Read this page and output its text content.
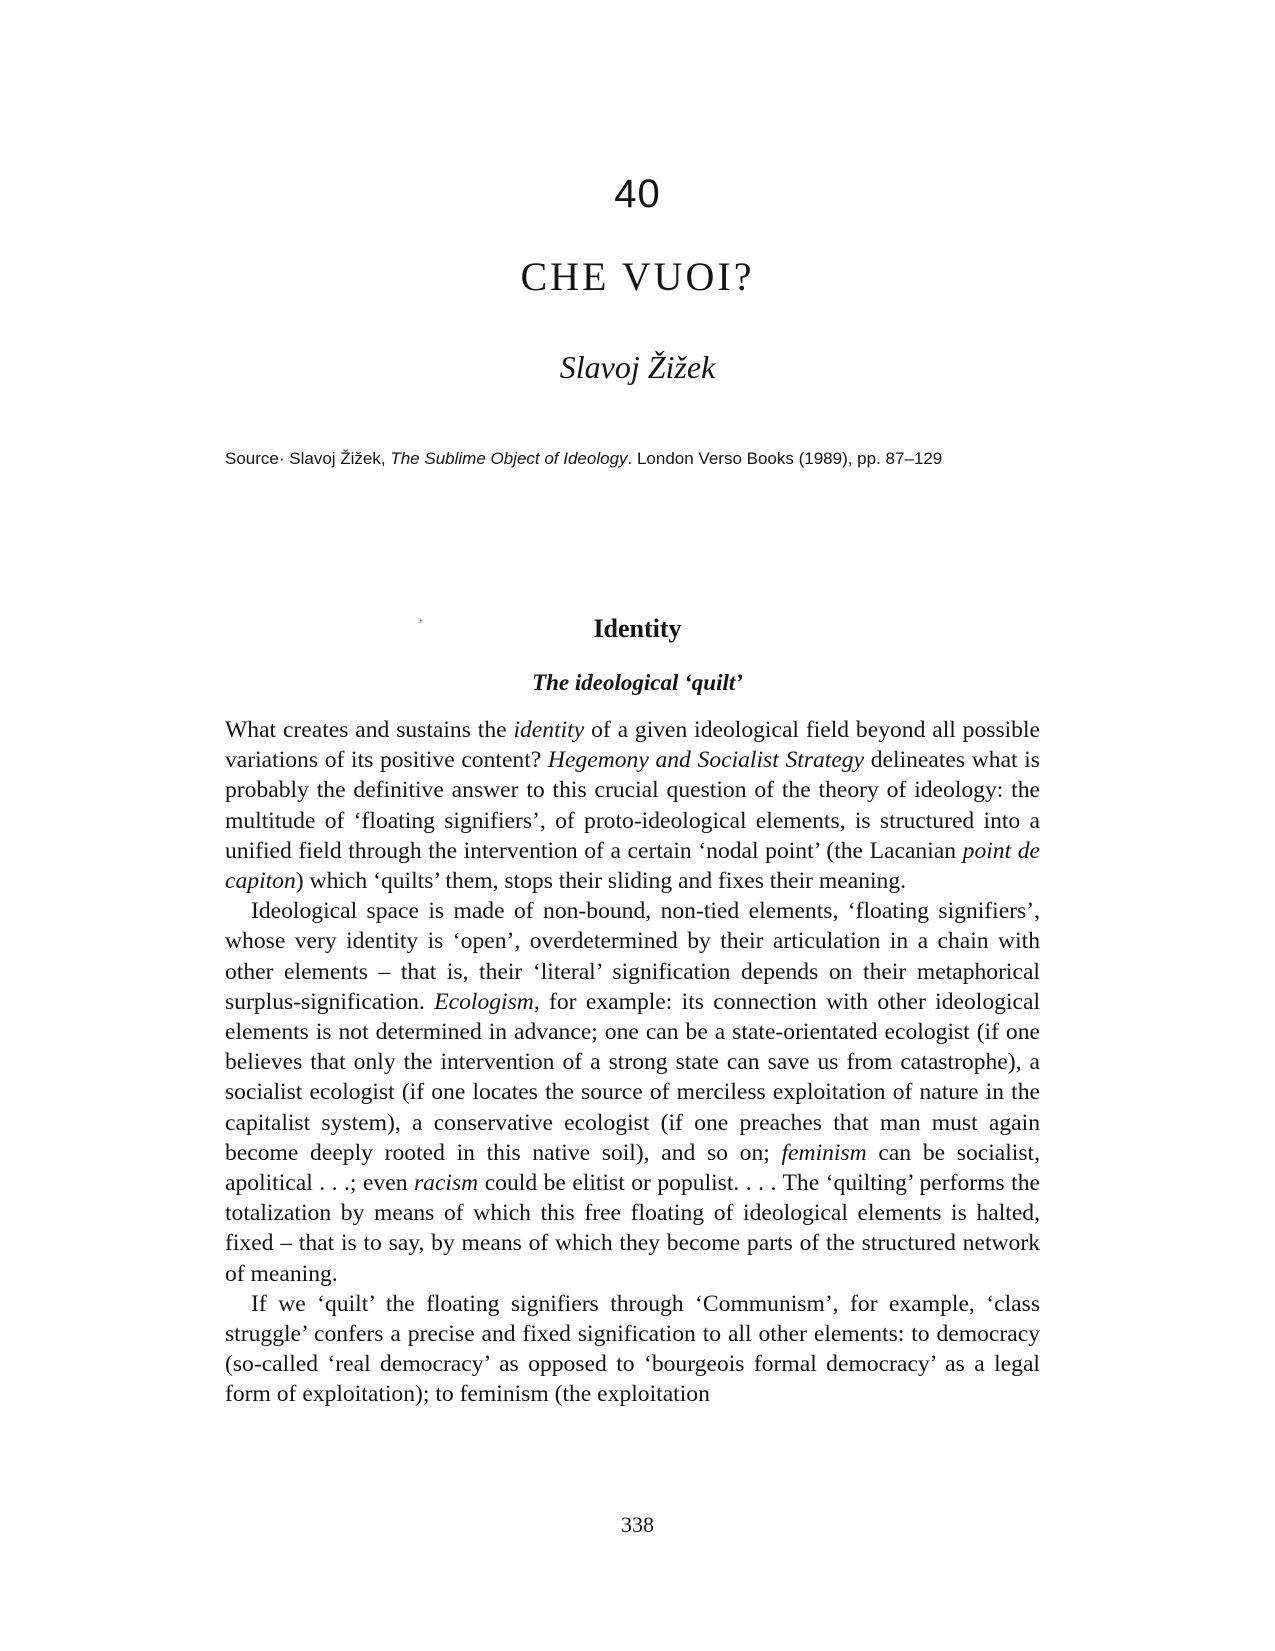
40
CHE VUOI?
Slavoj Žižek
Source· Slavoj Žižek, The Sublime Object of Ideology. London Verso Books (1989), pp. 87–129
,	Identity
The ideological ‘quilt’

What creates and sustains the identity of a given ideological field beyond all possible variations of its positive content? Hegemony and Socialist Strategy delineates what is probably the definitive answer to this crucial question of the theory of ideology: the multitude of ‘floating signifiers’, of proto-ideological elements, is structured into a unified field through the intervention of a certain ‘nodal point’ (the Lacanian point de capiton) which ‘quilts’ them, stops their sliding and fixes their meaning.

Ideological space is made of non-bound, non-tied elements, ‘floating signifiers’, whose very identity is ‘open’, overdetermined by their articulation in a chain with other elements – that is, their ‘literal’ signification depends on their metaphorical surplus-signification. Ecologism, for example: its connection with other ideological elements is not determined in advance; one can be a state-orientated ecologist (if one believes that only the intervention of a strong state can save us from catastrophe), a socialist ecologist (if one locates the source of merciless exploitation of nature in the capitalist system), a conservative ecologist (if one preaches that man must again become deeply rooted in this native soil), and so on; feminism can be socialist, apolitical . . .; even racism could be elitist or populist. . . . The ‘quilting’ performs the totalization by means of which this free floating of ideological elements is halted, fixed – that is to say, by means of which they become parts of the structured network of meaning.

If we ‘quilt’ the floating signifiers through ‘Communism’, for example, ‘class struggle’ confers a precise and fixed signification to all other elements: to democracy (so-called ‘real democracy’ as opposed to ‘bourgeois formal democracy’ as a legal form of exploitation); to feminism (the exploitation

338
